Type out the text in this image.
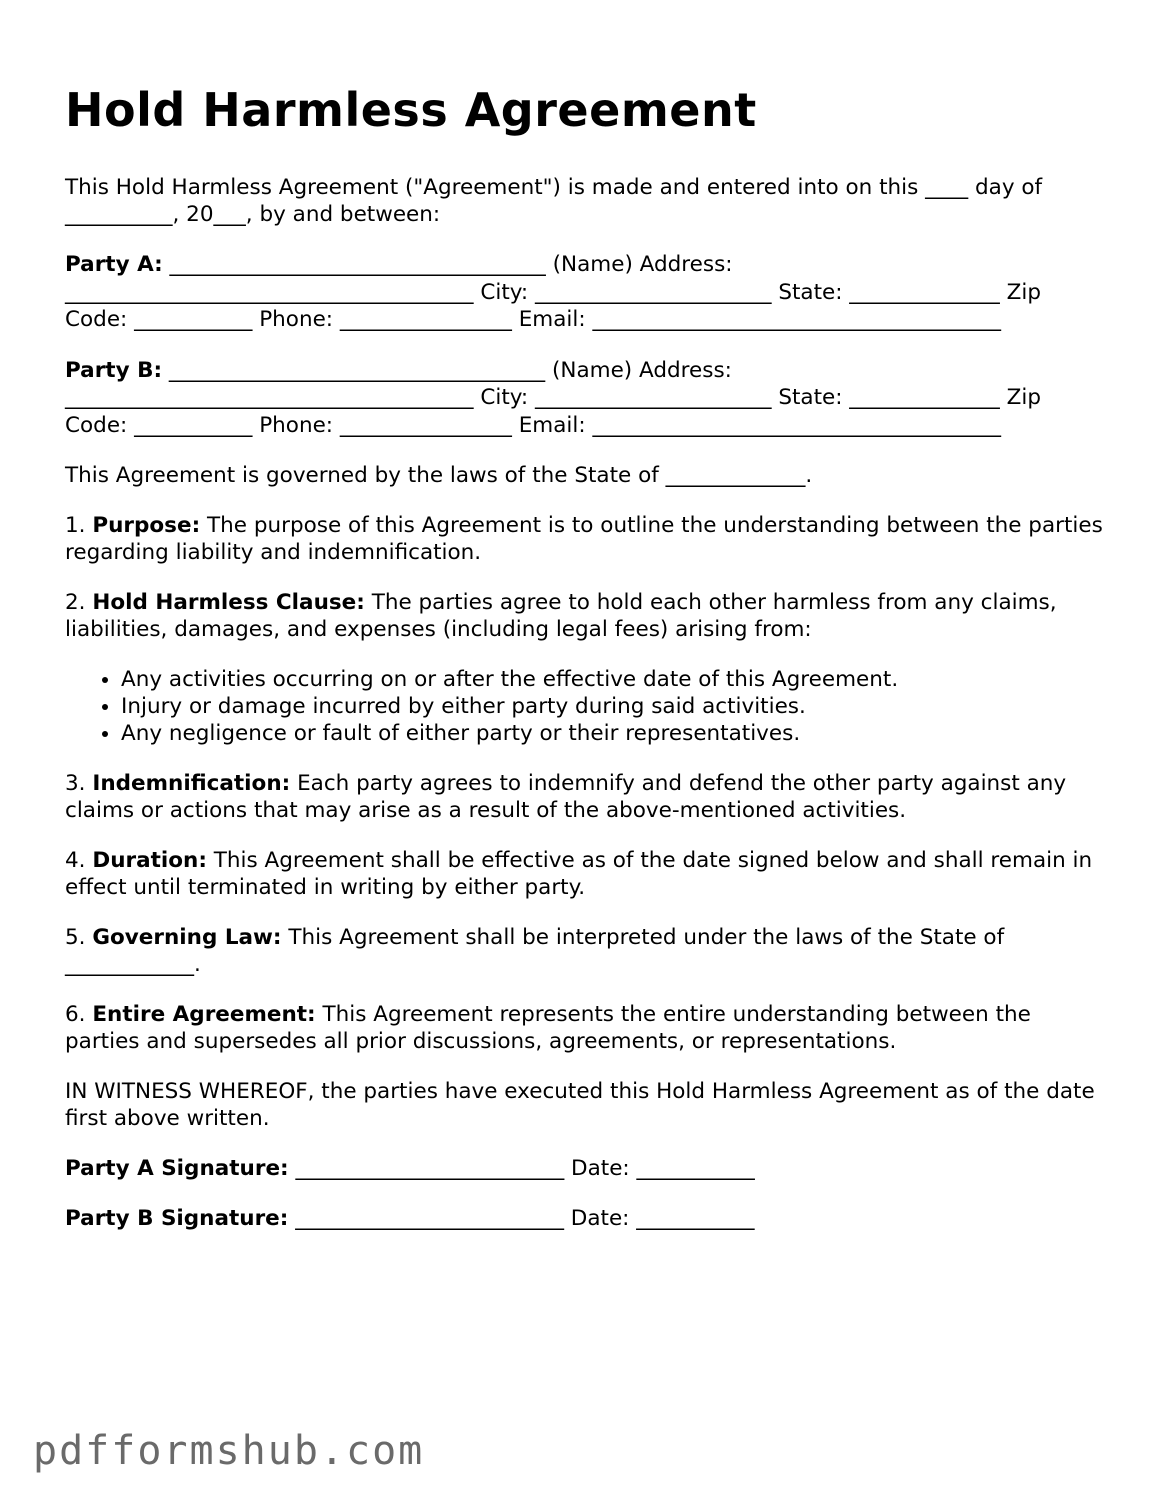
Hold Harmless Agreement

This Hold Harmless Agreement ("Agreement") is made and entered into on this ____ day of __________, 20___, by and between:

Party A: ___________________________________ (Name) Address: ______________________________________ City: ______________________ State: ______________ Zip Code: ___________ Phone: ________________ Email: ______________________________________

Party B: ___________________________________ (Name) Address: ______________________________________ City: ______________________ State: ______________ Zip Code: ___________ Phone: ________________ Email: ______________________________________

This Agreement is governed by the laws of the State of _____________.

1. Purpose: The purpose of this Agreement is to outline the understanding between the parties regarding liability and indemnification.

2. Hold Harmless Clause: The parties agree to hold each other harmless from any claims, liabilities, damages, and expenses (including legal fees) arising from:

• Any activities occurring on or after the effective date of this Agreement.
• Injury or damage incurred by either party during said activities.
• Any negligence or fault of either party or their representatives.

3. Indemnification: Each party agrees to indemnify and defend the other party against any claims or actions that may arise as a result of the above-mentioned activities.

4. Duration: This Agreement shall be effective as of the date signed below and shall remain in effect until terminated in writing by either party.

5. Governing Law: This Agreement shall be interpreted under the laws of the State of ____________.

6. Entire Agreement: This Agreement represents the entire understanding between the parties and supersedes all prior discussions, agreements, or representations.

IN WITNESS WHEREOF, the parties have executed this Hold Harmless Agreement as of the date first above written.

Party A Signature: _________________________ Date: ___________

Party B Signature: _________________________ Date: ___________

pdfformshub.com
